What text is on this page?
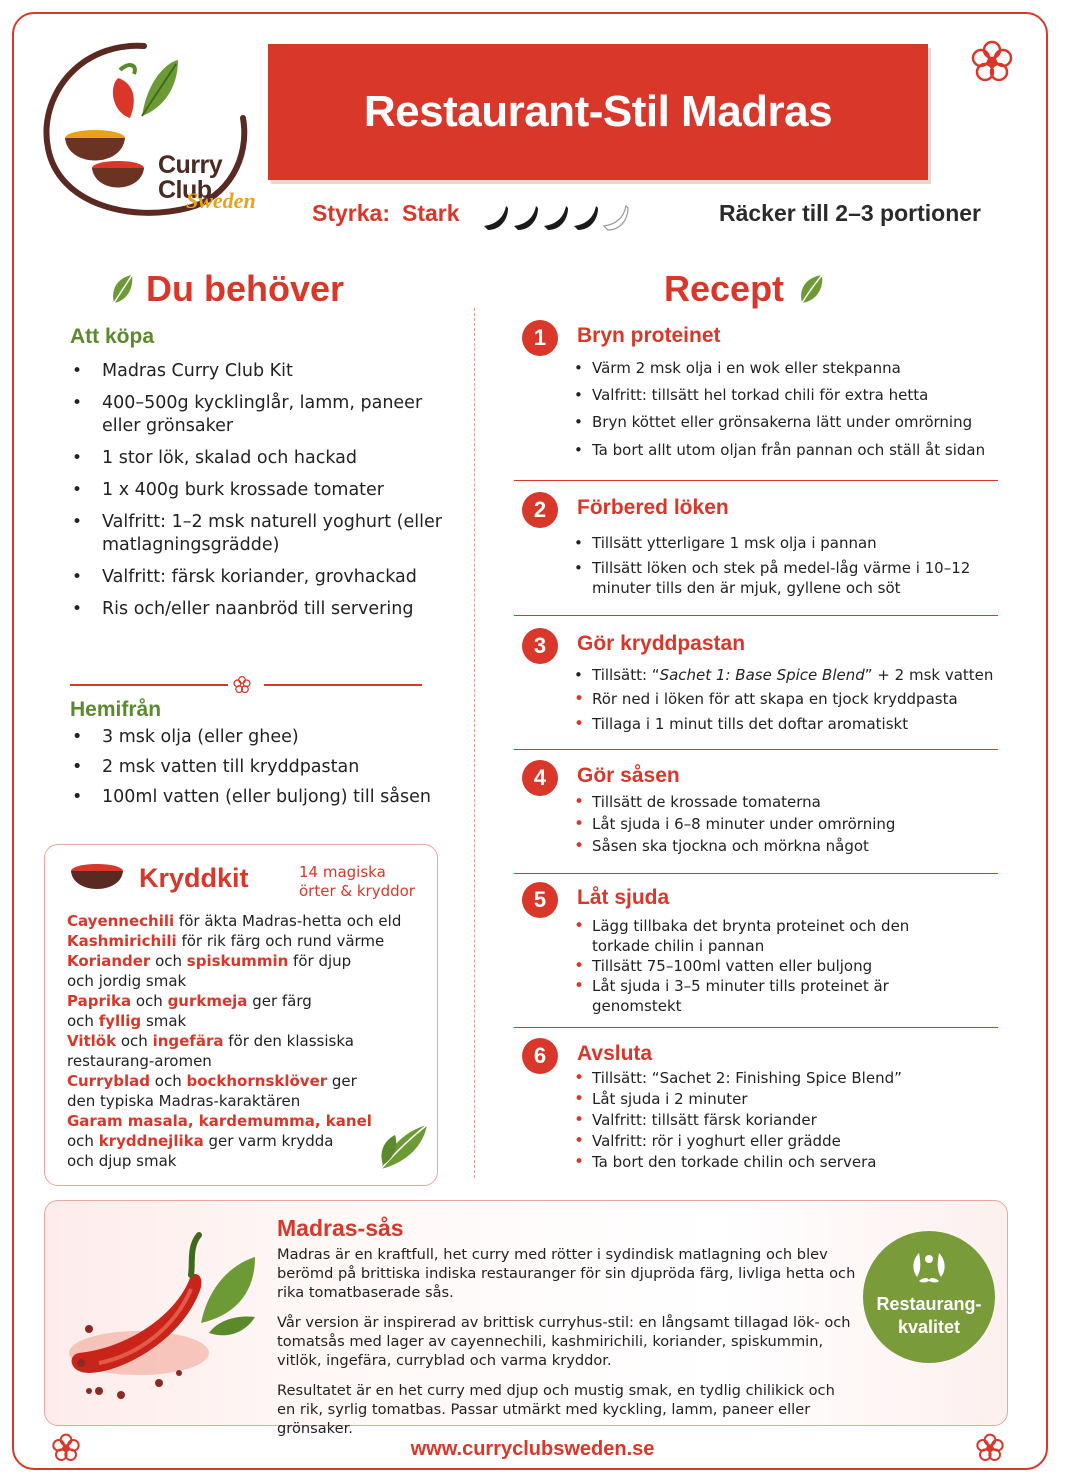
Curry Club
Sweden
Restaurant-Stil Madras
Styrka: Stark	Räcker till 2–3 portioner
Du behöver	Recept
Att köpa
• Madras Curry Club Kit
• 400–500g kycklinglår, lamm, paneer eller grönsaker
• 1 stor lök, skalad och hackad
• 1 x 400g burk krossade tomater
• Valfritt: 1–2 msk naturell yoghurt (eller matlagningsgrädde)
• Valfritt: färsk koriander, grovhackad
• Ris och/eller naanbröd till servering
Hemifrån
• 3 msk olja (eller ghee)
• 2 msk vatten till kryddpastan
• 100ml vatten (eller buljong) till såsen
Kryddkit	14 magiska
örter & kryddor
Cayennechili för äkta Madras-hetta och eld
Kashmirichili för rik färg och rund värme
Koriander och spiskummin för djup
och jordig smak
Paprika och gurkmeja ger färg
och fyllig smak
Vitlök och ingefära för den klassiska
restaurang-aromen
Curryblad och bockhornsklöver ger
den typiska Madras-karaktären
Garam masala, kardemumma, kanel
och kryddnejlika ger varm krydda
och djup smak
1	Bryn proteinet
• Värm 2 msk olja i en wok eller stekpanna
• Valfritt: tillsätt hel torkad chili för extra hetta
• Bryn köttet eller grönsakerna lätt under omrörning
• Ta bort allt utom oljan från pannan och ställ åt sidan
2	Förbered löken
• Tillsätt ytterligare 1 msk olja i pannan
• Tillsätt löken och stek på medel-låg värme i 10–12 minuter tills den är mjuk, gyllene och söt
3	Gör kryddpastan
• Tillsätt: “Sachet 1: Base Spice Blend” + 2 msk vatten
• Rör ned i löken för att skapa en tjock kryddpasta
• Tillaga i 1 minut tills det doftar aromatiskt
4	Gör såsen
• Tillsätt de krossade tomaterna
• Låt sjuda i 6–8 minuter under omrörning
• Såsen ska tjockna och mörkna något
5	Låt sjuda
• Lägg tillbaka det brynta proteinet och den torkade chilin i pannan
• Tillsätt 75–100ml vatten eller buljong
• Låt sjuda i 3–5 minuter tills proteinet är genomstekt
6	Avsluta
• Tillsätt: “Sachet 2: Finishing Spice Blend”
• Låt sjuda i 2 minuter
• Valfritt: tillsätt färsk koriander
• Valfritt: rör i yoghurt eller grädde
• Ta bort den torkade chilin och servera
Madras-sås

Madras är en kraftfull, het curry med rötter i sydindisk matlagning och blev berömd på brittiska indiska restauranger för sin djupröda färg, livliga hetta och rika tomatbaserade sås.

Vår version är inspirerad av brittisk curryhus-stil: en långsamt tillagad lök- och tomatsås med lager av cayennechili, kashmirichili, koriander, spiskummin, vitlök, ingefära, curryblad och varma kryddor.

Resultatet är en het curry med djup och mustig smak, en tydlig chilikick och en rik, syrlig tomatbas. Passar utmärkt med kyckling, lamm, paneer eller grönsaker.

Restaurang-
kvalitet
www.curryclubsweden.se
